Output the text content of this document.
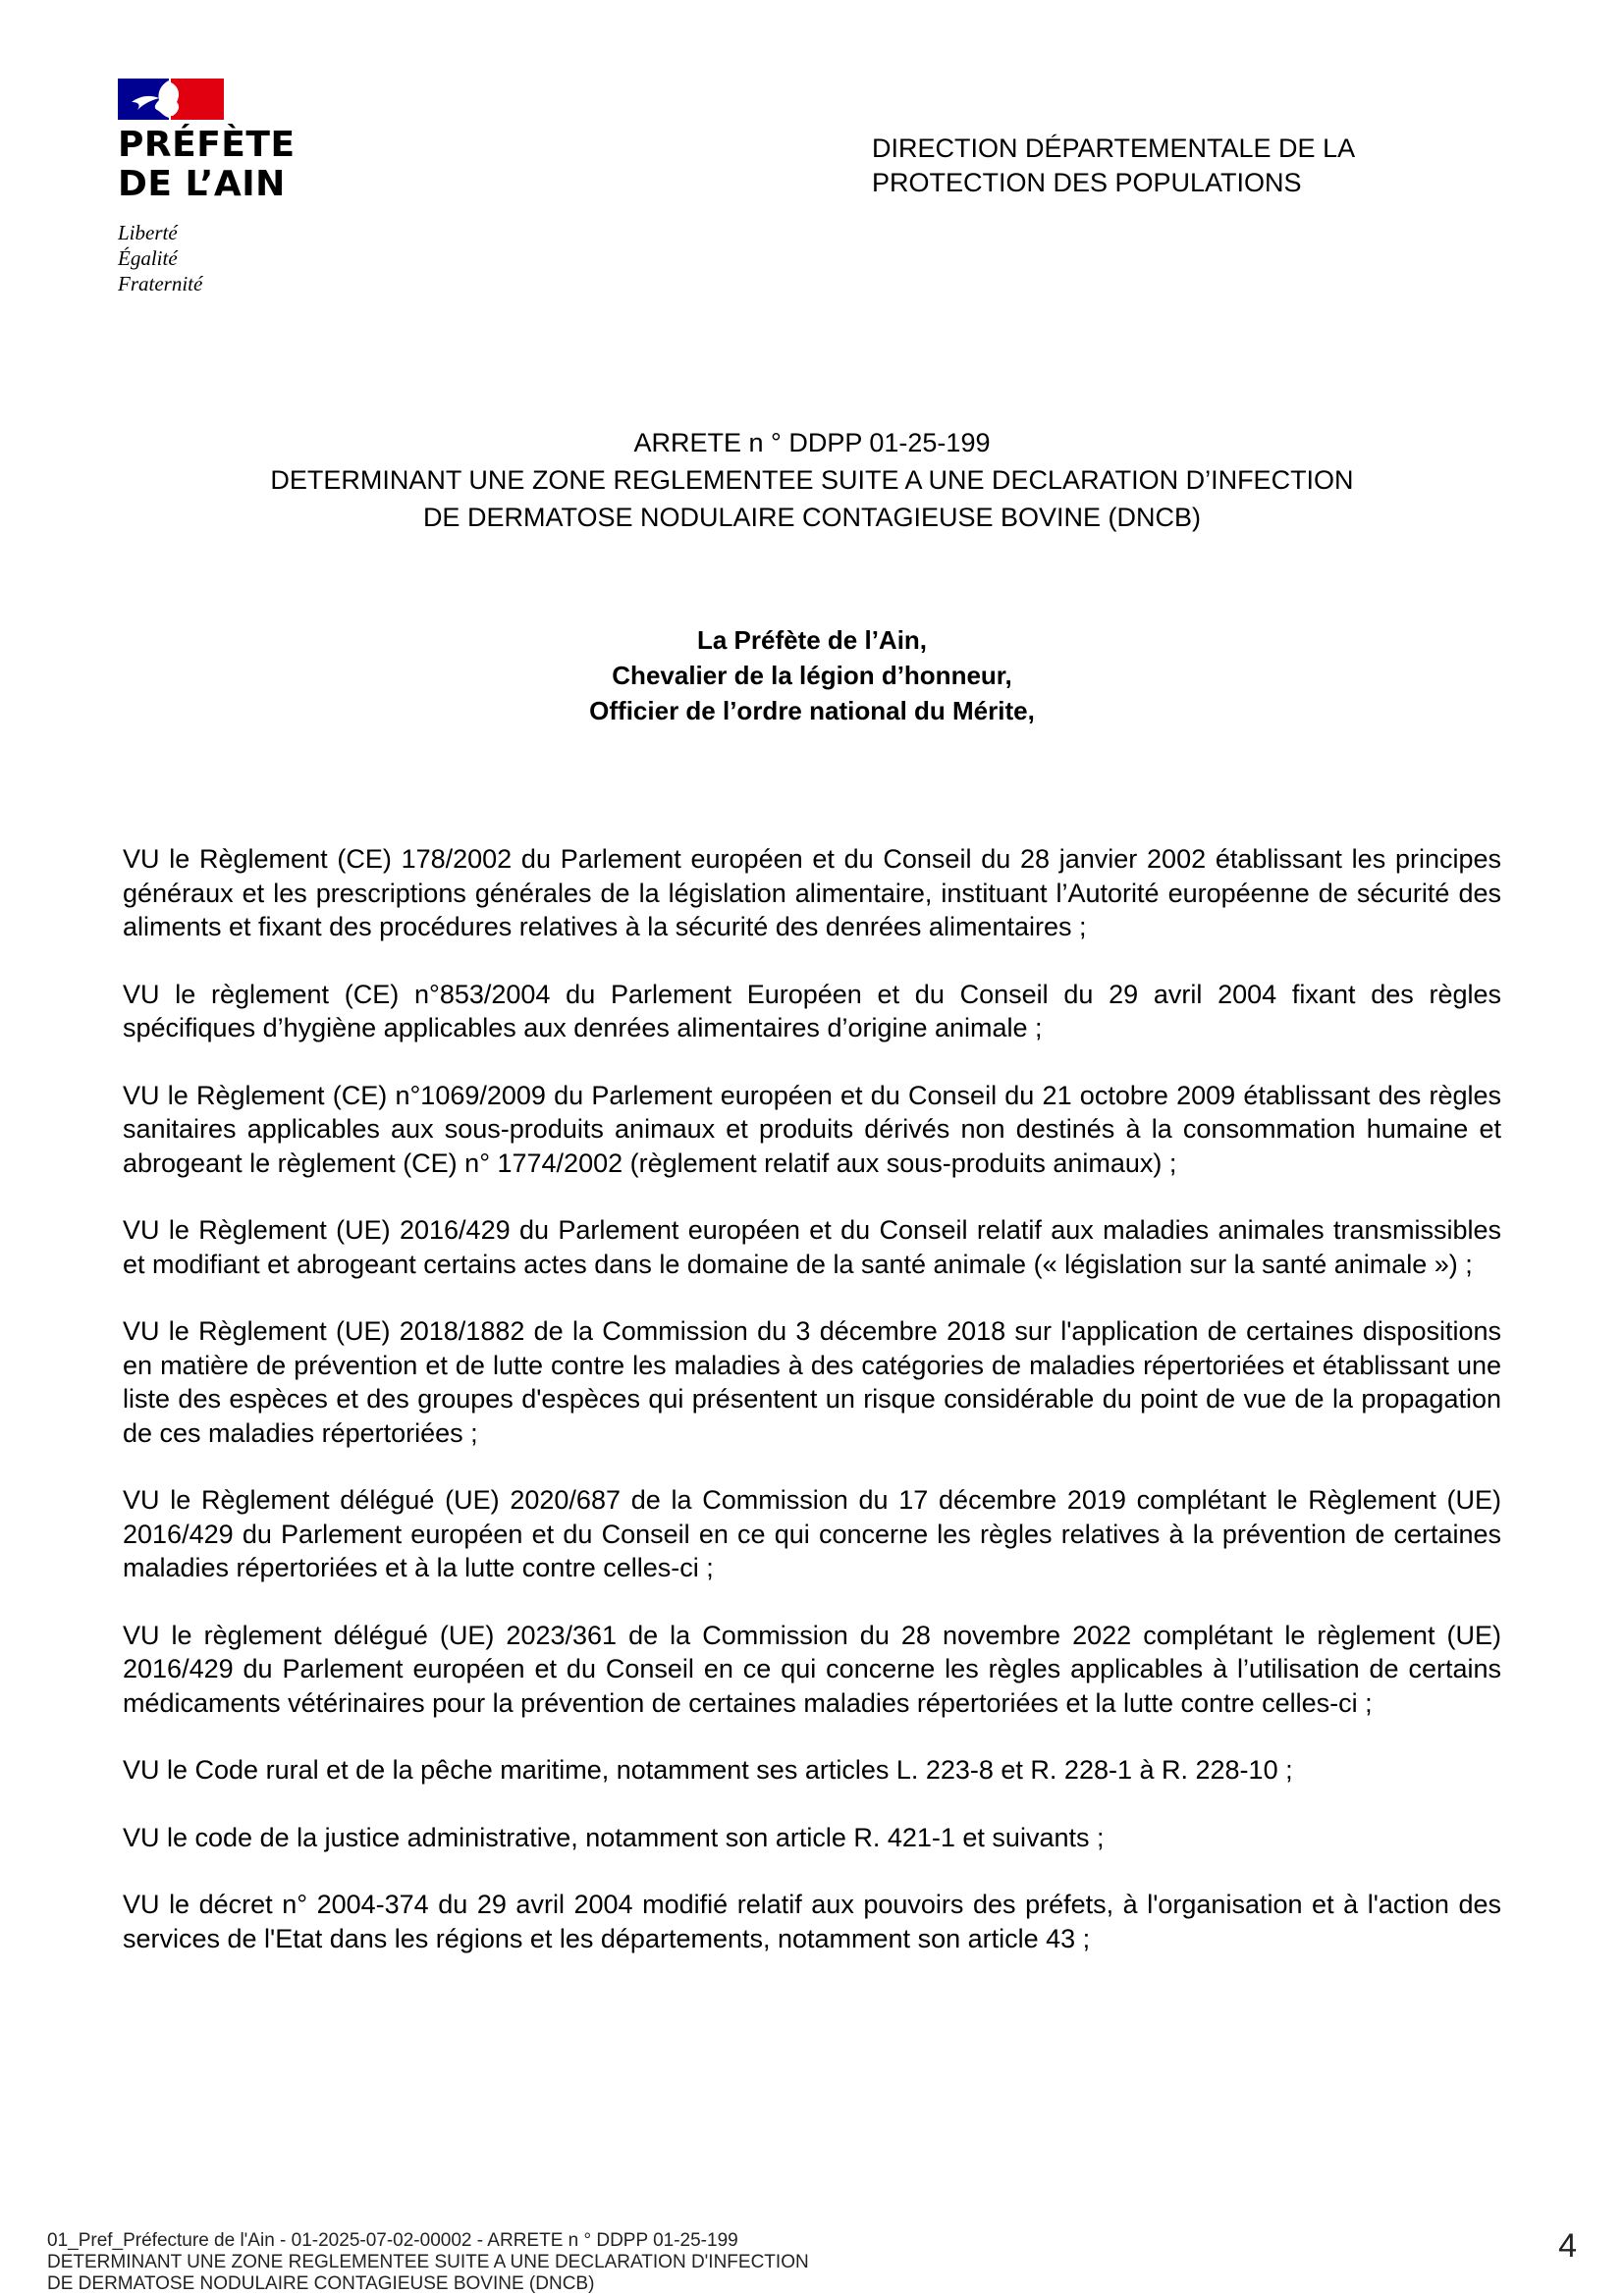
PRÉFÈTE
DE L’AIN
Liberté
Égalité
Fraternité
DIRECTION DÉPARTEMENTALE DE LA
PROTECTION DES POPULATIONS
ARRETE n ° DDPP 01-25-199
DETERMINANT UNE ZONE REGLEMENTEE SUITE A UNE DECLARATION D’INFECTION
DE DERMATOSE NODULAIRE CONTAGIEUSE BOVINE (DNCB)
La Préfète de l’Ain,
Chevalier de la légion d’honneur,
Officier de l’ordre national du Mérite,

VU le Règlement (CE) 178/2002 du Parlement européen et du Conseil du 28 janvier 2002 établissant les principes généraux et les prescriptions générales de la législation alimentaire, instituant l’Autorité européenne de sécurité des aliments et fixant des procédures relatives à la sécurité des denrées alimentaires ;

VU le règlement (CE) n°853/2004 du Parlement Européen et du Conseil du 29 avril 2004 fixant des règles spécifiques d’hygiène applicables aux denrées alimentaires d’origine animale ;

VU le Règlement (CE) n°1069/2009 du Parlement européen et du Conseil du 21 octobre 2009 établissant des règles sanitaires applicables aux sous-produits animaux et produits dérivés non destinés à la consommation humaine et abrogeant le règlement (CE) n° 1774/2002 (règlement relatif aux sous-produits animaux) ;

VU le Règlement (UE) 2016/429 du Parlement européen et du Conseil relatif aux maladies animales transmissibles et modifiant et abrogeant certains actes dans le domaine de la santé animale (« législation sur la santé animale ») ;

VU le Règlement (UE) 2018/1882 de la Commission du 3 décembre 2018 sur l'application de certaines dispositions en matière de prévention et de lutte contre les maladies à des catégories de maladies répertoriées et établissant une liste des espèces et des groupes d'espèces qui présentent un risque considérable du point de vue de la propagation de ces maladies répertoriées ;

VU le Règlement délégué (UE) 2020/687 de la Commission du 17 décembre 2019 complétant le Règlement (UE) 2016/429 du Parlement européen et du Conseil en ce qui concerne les règles relatives à la prévention de certaines maladies répertoriées et à la lutte contre celles-ci ;

VU le règlement délégué (UE) 2023/361 de la Commission du 28 novembre 2022 complétant le règlement (UE) 2016/429 du Parlement européen et du Conseil en ce qui concerne les règles applicables à l’utilisation de certains médicaments vétérinaires pour la prévention de certaines maladies répertoriées et la lutte contre celles-ci ;

VU le Code rural et de la pêche maritime, notamment ses articles L. 223-8 et R. 228-1 à R. 228-10 ;

VU le code de la justice administrative, notamment son article R. 421-1 et suivants ;

VU le décret n° 2004-374 du 29 avril 2004 modifié relatif aux pouvoirs des préfets, à l'organisation et à l'action des services de l'Etat dans les régions et les départements, notamment son article 43 ;

01_Pref_Préfecture de l'Ain - 01-2025-07-02-00002 - ARRETE n ° DDPP 01-25-199
DETERMINANT UNE ZONE REGLEMENTEE SUITE A UNE DECLARATION D'INFECTION
DE DERMATOSE NODULAIRE CONTAGIEUSE BOVINE (DNCB)
4
